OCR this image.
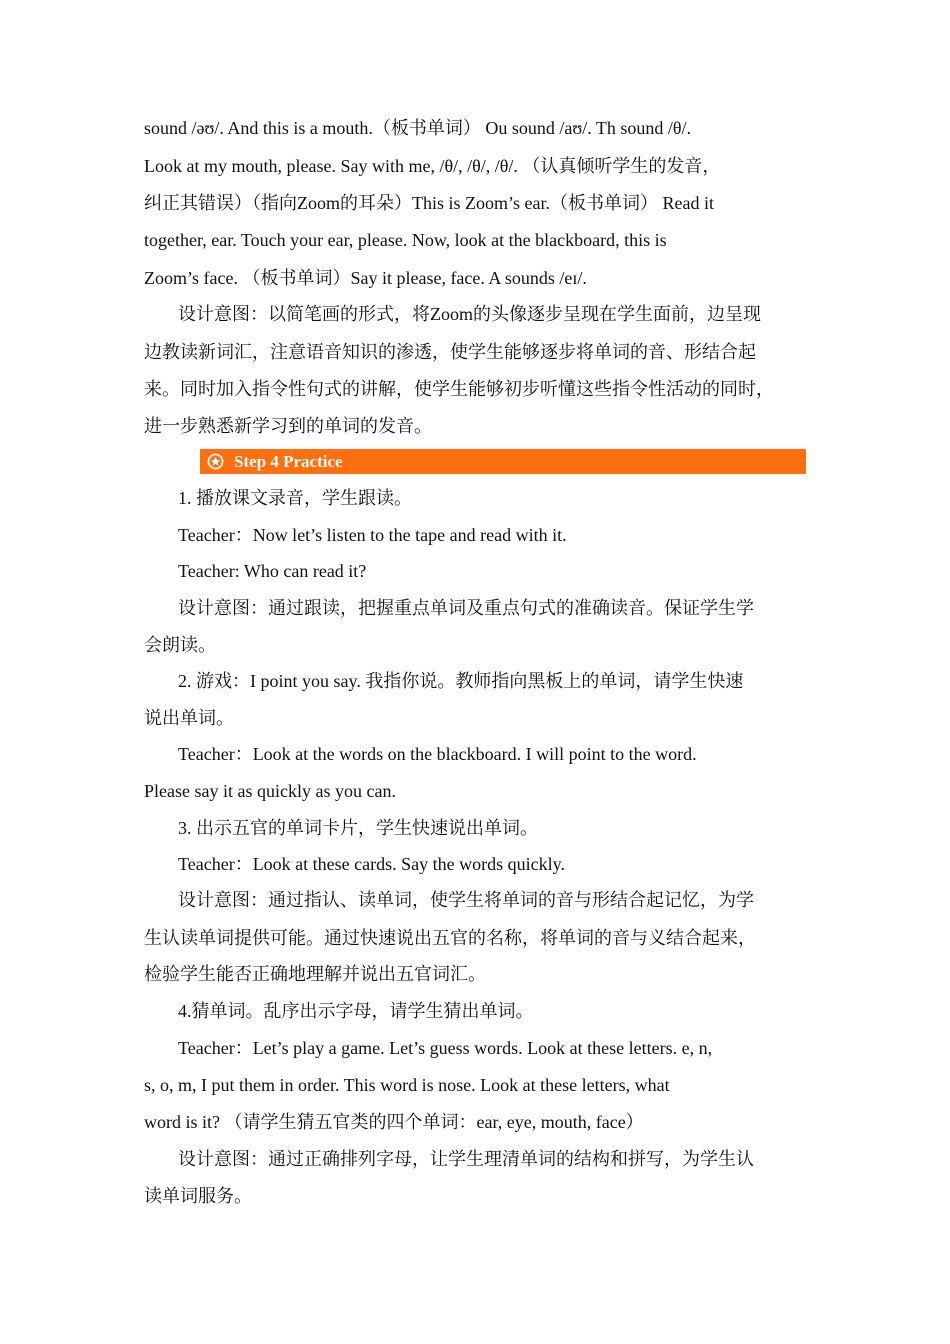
sound /əʊ/. And this is a mouth.（板书单词） Ou sound /aʊ/. Th sound /θ/.
Look at my mouth, please. Say with me, /θ/, /θ/, /θ/. （认真倾听学生的发音，
纠正其错误）（指向Zoom的耳朵）This is Zoom’s ear.（板书单词） Read it
together, ear. Touch your ear, please. Now, look at the blackboard, this is
Zoom’s face. （板书单词）Say it please, face. A sounds /eɪ/.
设计意图：以简笔画的形式，将Zoom的头像逐步呈现在学生面前，边呈现
边教读新词汇，注意语音知识的渗透，使学生能够逐步将单词的音、形结合起
来。同时加入指令性句式的讲解，使学生能够初步听懂这些指令性活动的同时，
进一步熟悉新学习到的单词的发音。
Step 4 Practice
1. 播放课文录音，学生跟读。
Teacher：Now let’s listen to the tape and read with it.
Teacher: Who can read it?
设计意图：通过跟读，把握重点单词及重点句式的准确读音。保证学生学
会朗读。
2. 游戏：I point you say. 我指你说。教师指向黑板上的单词，请学生快速
说出单词。
Teacher：Look at the words on the blackboard. I will point to the word.
Please say it as quickly as you can.
3. 出示五官的单词卡片，学生快速说出单词。
Teacher：Look at these cards. Say the words quickly.
设计意图：通过指认、读单词，使学生将单词的音与形结合起记忆，为学
生认读单词提供可能。通过快速说出五官的名称，将单词的音与义结合起来，
检验学生能否正确地理解并说出五官词汇。
4.猜单词。乱序出示字母，请学生猜出单词。
Teacher：Let’s play a game. Let’s guess words. Look at these letters. e, n,
s, o, m, I put them in order. This word is nose. Look at these letters, what
word is it? （请学生猜五官类的四个单词：ear, eye, mouth, face）
设计意图：通过正确排列字母，让学生理清单词的结构和拼写，为学生认
读单词服务。
